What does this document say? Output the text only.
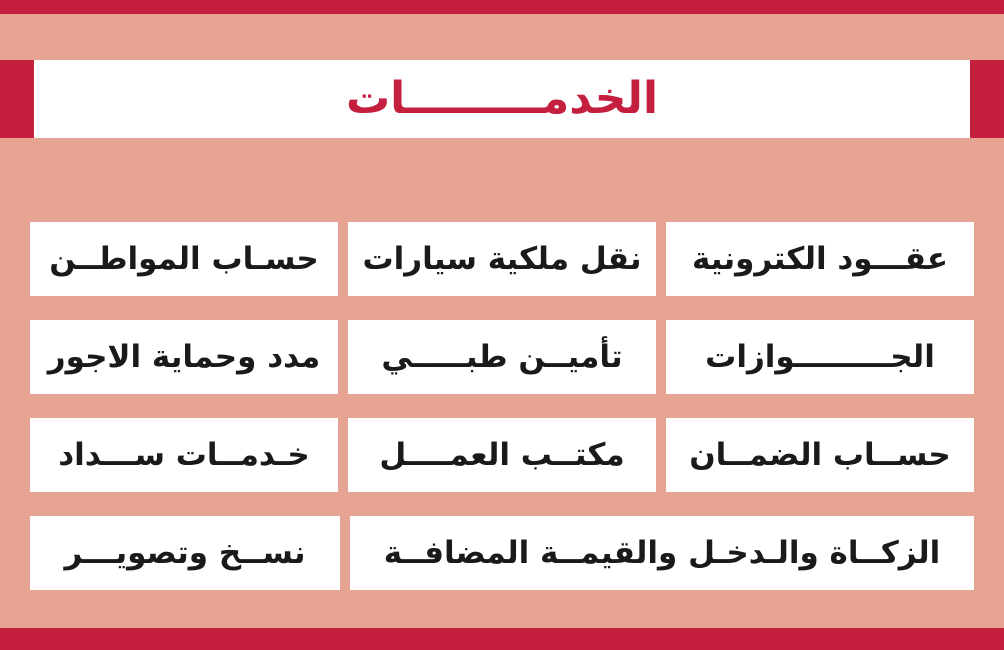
الخدمـــــــــات
عقـــود الكترونية
نقل ملكية سيارات
حسـاب المواطــن
الجـــــــــوازات
تأميــن طبـــــي
مدد وحماية الاجور
حســاب الضمــان
مكتــب العمــــل
خـدمــات ســـداد
الزكــاة والـدخـل والقيمــة المضافــة
نســخ وتصويـــر
